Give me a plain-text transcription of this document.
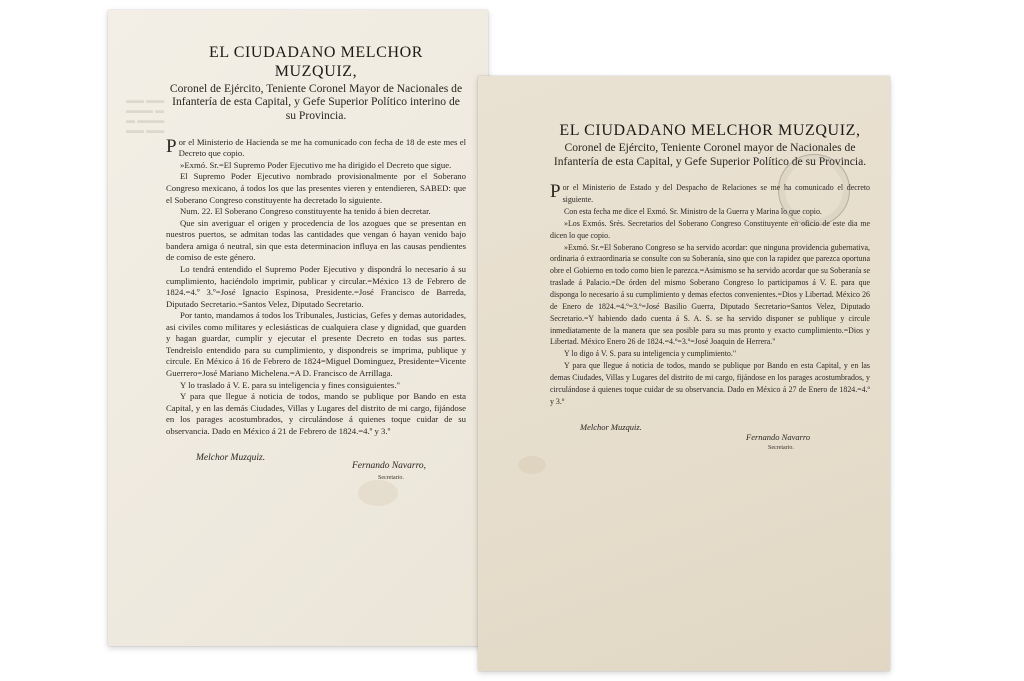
▬▬ ▬▬
▬▬▬ ▬
▬ ▬▬▬
▬▬ ▬▬
EL CIUDADANO MELCHOR MUZQUIZ,
Coronel de Ejército, Teniente Coronel Mayor de Nacionales de Infantería de esta Capital, y Gefe Superior Político interino de su Provincia.

Por el Ministerio de Hacienda se me ha comunicado con fecha de 18 de este mes el Decreto que copio.

»Exmó. Sr.=El Supremo Poder Ejecutivo me ha dirigido el Decreto que sigue.

El Supremo Poder Ejecutivo nombrado provisionalmente por el Soberano Congreso mexicano, á todos los que las presentes vieren y entendieren, SABED: que el Soberano Congreso constituyente ha decretado lo siguiente.

Num. 22. El Soberano Congreso constituyente ha tenido á bien decretar.

Que sin averiguar el origen y procedencia de los azogues que se presentan en nuestros puertos, se admitan todas las cantidades que vengan ó hayan venido bajo bandera amiga ó neutral, sin que esta determinacion influya en las causas pendientes de comiso de este género.

Lo tendrá entendido el Supremo Poder Ejecutivo y dispondrá lo necesario á su cumplimiento, haciéndolo imprimir, publicar y circular.=México 13 de Febrero de 1824.=4.º 3.º=José Ignacio Espinosa, Presidente.=José Francisco de Barreda, Diputado Secretario.=Santos Velez, Diputado Secretario.

Por tanto, mandamos á todos los Tribunales, Justicias, Gefes y demas autoridades, asi civiles como militares y eclesiásticas de cualquiera clase y dignidad, que guarden y hagan guardar, cumplir y ejecutar el presente Decreto en todas sus partes. Tendreislo entendido para su cumplimiento, y dispondreis se imprima, publique y circule. En México á 16 de Febrero de 1824=Miguel Dominguez, Presidente=Vicente Guerrero=José Mariano Michelena.=A D. Francisco de Arrillaga.

Y lo traslado á V. E. para su inteligencia y fines consiguientes."

Y para que llegue á noticia de todos, mando se publique por Bando en esta Capital, y en las demás Ciudades, Villas y Lugares del distrito de mi cargo, fijándose en los parages acostumbrados, y circulándose á quienes toque cuidar de su observancia. Dado en México á 21 de Febrero de 1824.=4.º y 3.º

Melchor Muzquiz.
Fernando Navarro,
Secretario.
EL CIUDADANO MELCHOR MUZQUIZ,
Coronel de Ejército, Teniente Coronel mayor de Nacionales de Infantería de esta Capital, y Gefe Superior Político de su Provincia.

Por el Ministerio de Estado y del Despacho de Relaciones se me ha comunicado el decreto siguiente.

Con esta fecha me dice el Exmó. Sr. Ministro de la Guerra y Marina lo que copio.

»Los Exmós. Srés. Secretarios del Soberano Congreso Constituyente en oficio de este dia me dicen lo que copio.

»Exmó. Sr.=El Soberano Congreso se ha servido acordar: que ninguna providencia gubernativa, ordinaria ó extraordinaria se consulte con su Soberanía, sino que con la rapidez que parezca oportuna obre el Gobierno en todo como bien le parezca.=Asimismo se ha servido acordar que su Soberanía se traslade á Palacio.=De órden del mismo Soberano Congreso lo participamos á V. E. para que disponga lo necesario á su cumplimiento y demas efectos convenientes.=Dios y Libertad. México 26 de Enero de 1824.=4.º=3.º=José Basilio Guerra, Diputado Secretario=Santos Velez, Diputado Secretario.=Y habiendo dado cuenta á S. A. S. se ha servido disponer se publique y circule inmediatamente de la manera que sea posible para su mas pronto y exacto cumplimiento.=Dios y Libertad. México Enero 26 de 1824.=4.º=3.º=José Joaquin de Herrera."

Y lo digo á V. S. para su inteligencia y cumplimiento."

Y para que llegue á noticia de todos, mando se publique por Bando en esta Capital, y en las demas Ciudades, Villas y Lugares del distrito de mi cargo, fijándose en los parages acostumbrados, y circulándose á quienes toque cuidar de su observancia. Dado en México á 27 de Enero de 1824.=4.º y 3.º

Melchor Muzquiz.
Fernando Navarro
Secretario.
